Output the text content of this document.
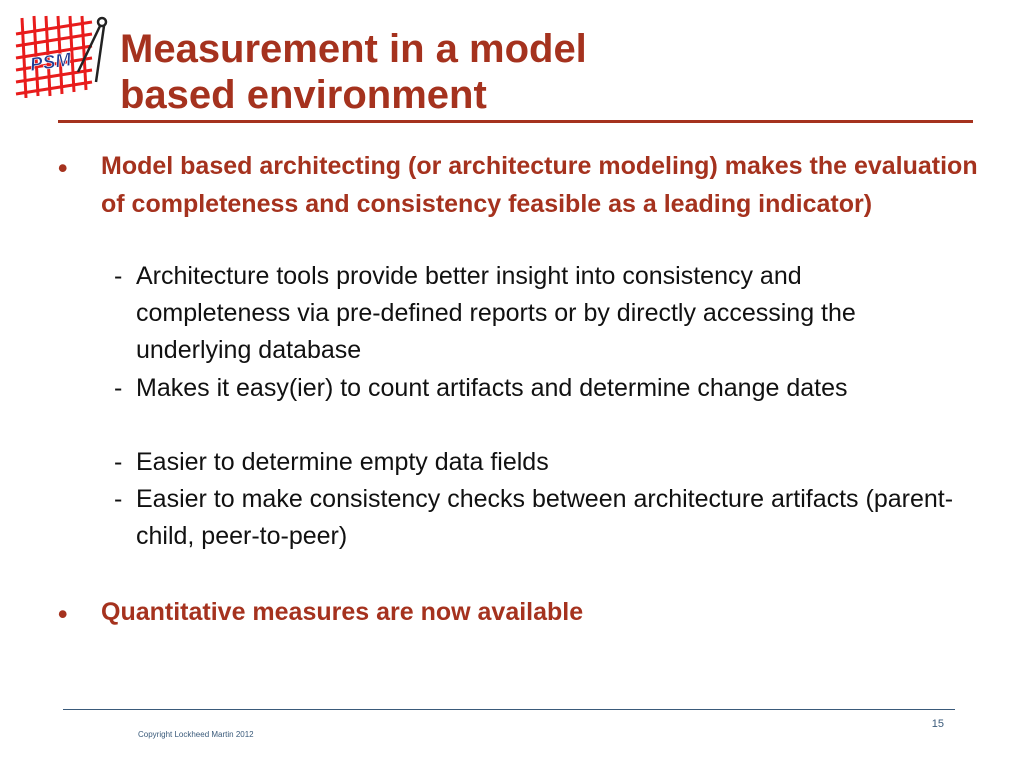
PSM Measurement in a model
based environment
• Model based architecting (or architecture modeling) makes the evaluation of completeness and consistency feasible as a leading indicator)

- Architecture tools provide better insight into consistency and completeness via pre-defined reports or by directly accessing the underlying database

- Makes it easy(ier) to count artifacts and determine change dates

- Easier to determine empty data fields

- Easier to make consistency checks between architecture artifacts (parent-child, peer-to-peer)

• Quantitative measures are now available

Copyright Lockheed Martin 2012

15
